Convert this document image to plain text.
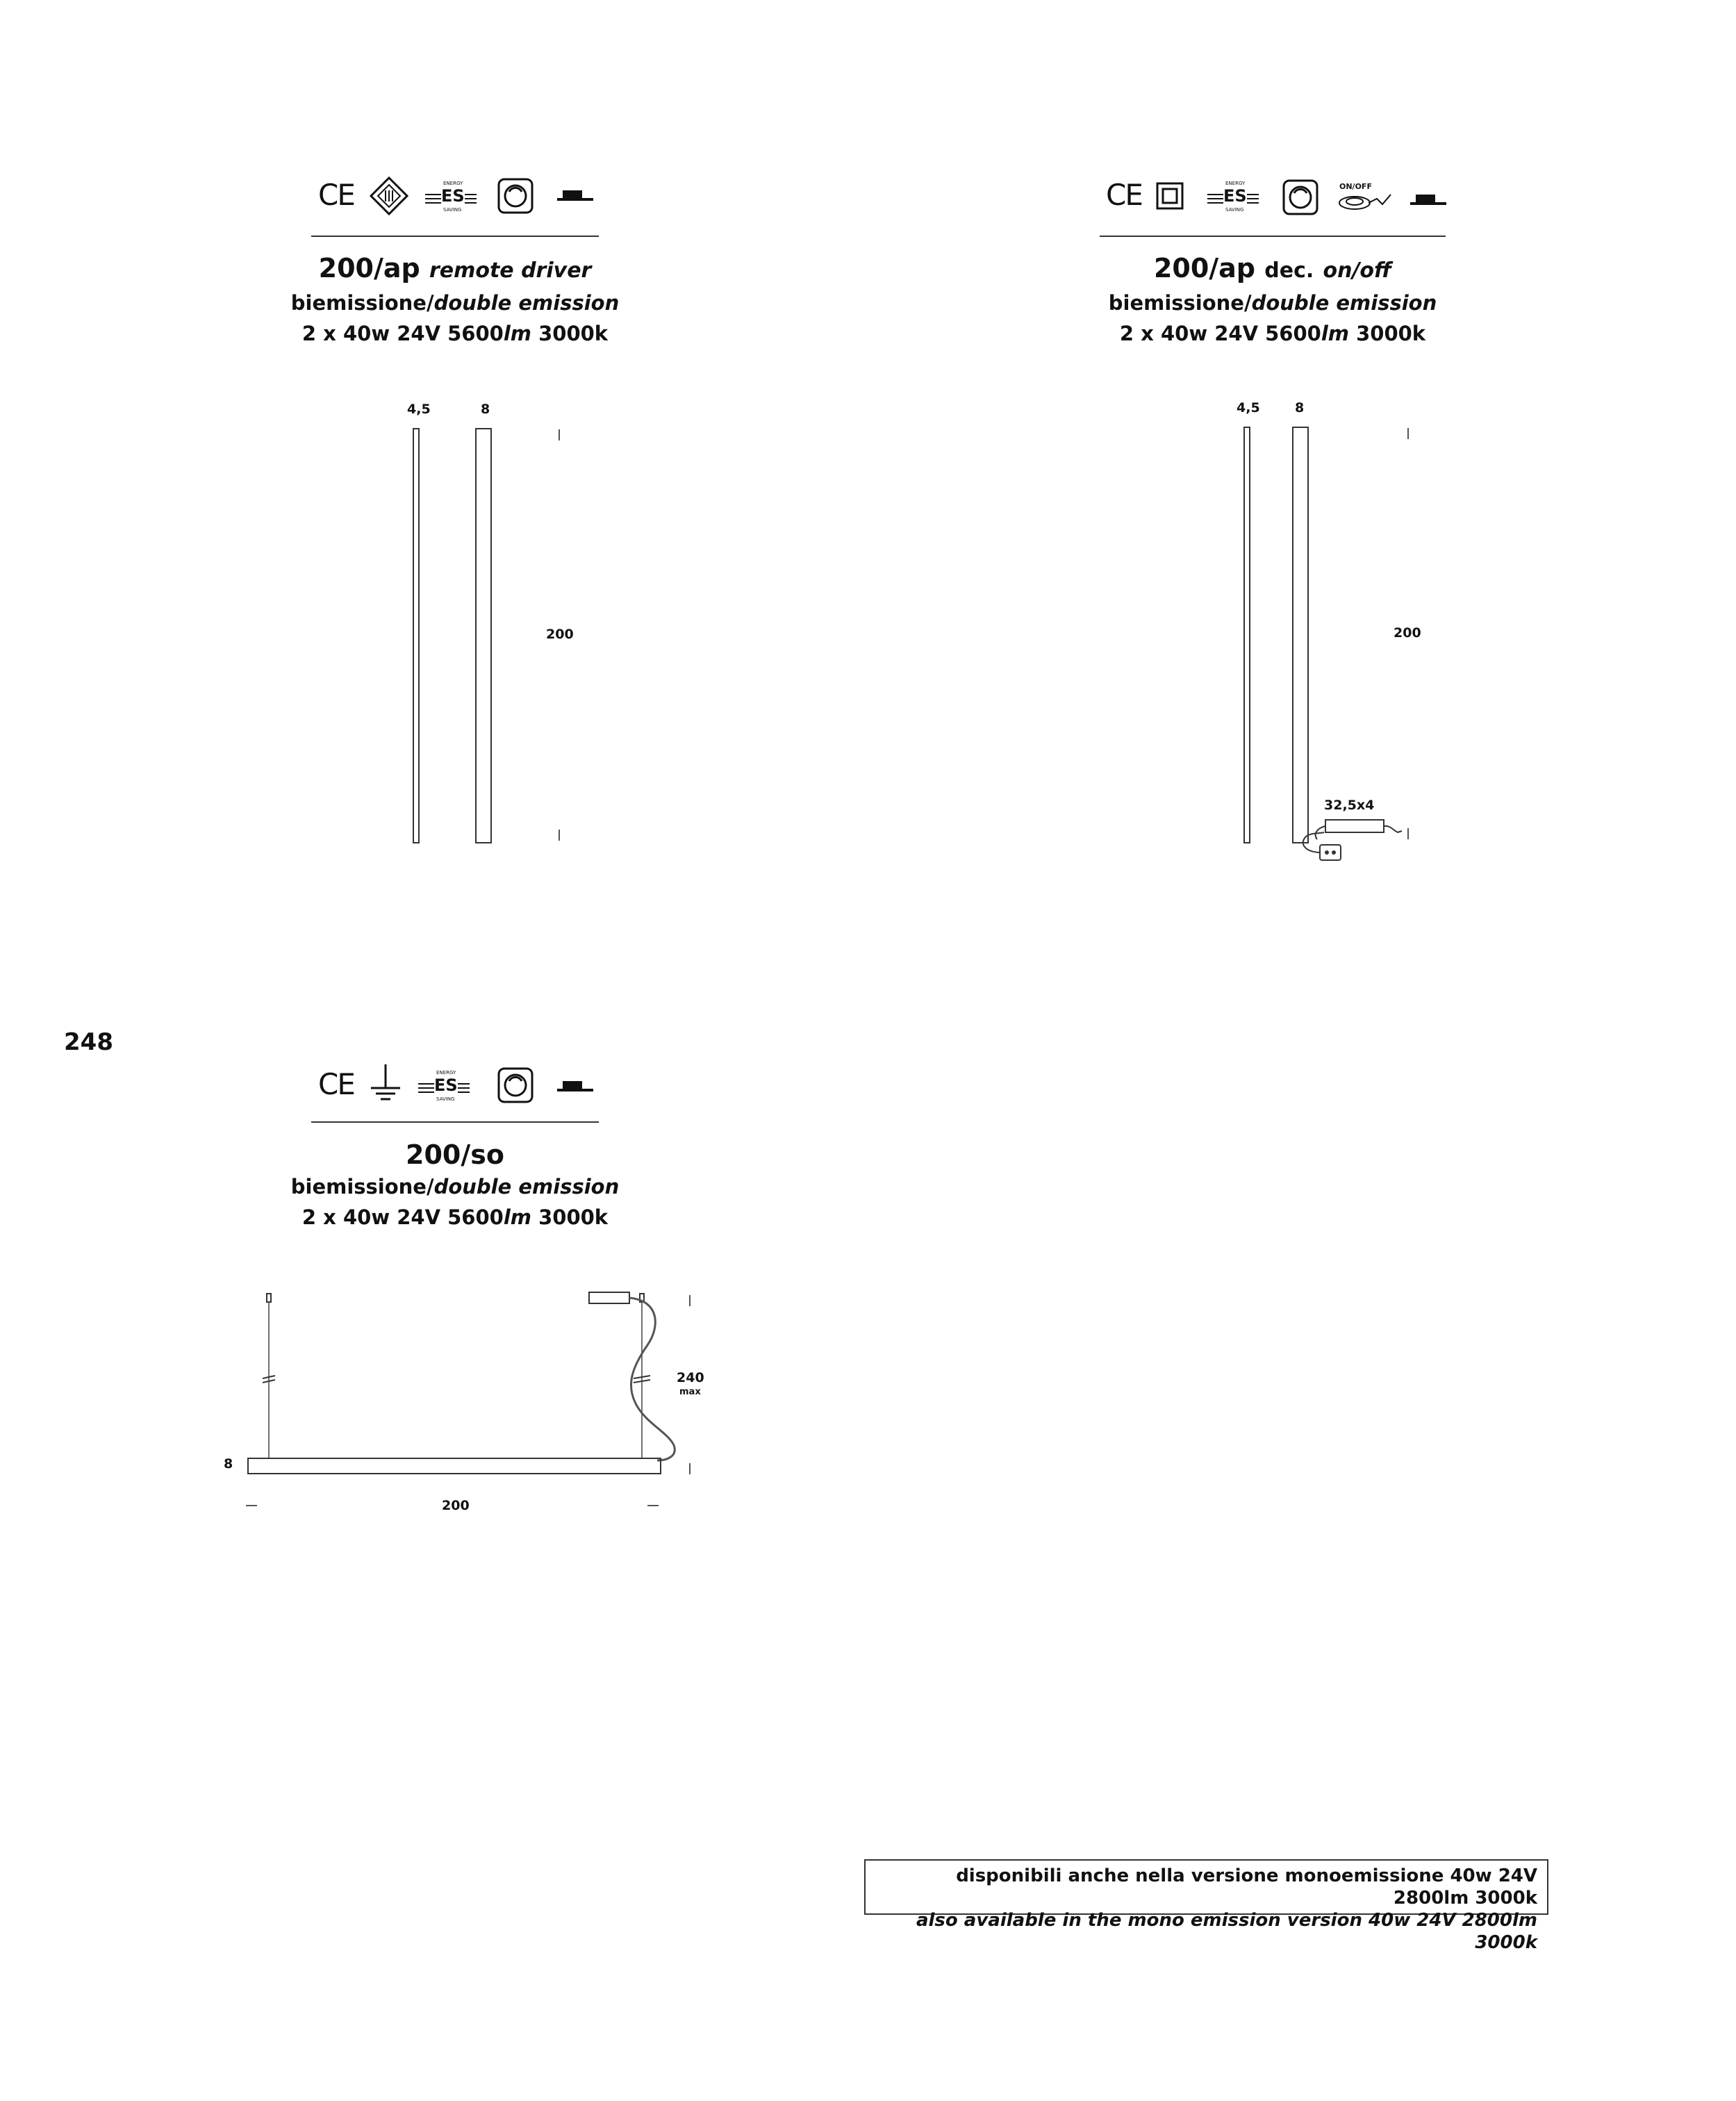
248
CE	ENERGY
ES
SAVING
200/ap remote driver
biemissione/double emission
2 x 40w 24V 5600lm 3000k
4,5	8
200
CE	ENERGY
ES
SAVING
ON/OFF
200/ap dec. on/off
biemissione/double emission
2 x 40w 24V 5600lm 3000k
4,5	8
200
32,5x4
CE	ENERGY
ES
SAVING
200/so
biemissione/double emission
2 x 40w 24V 5600lm 3000k
8
200
240
max
disponibili anche nella versione monoemissione 40w 24V 2800lm 3000k
also available in the mono emission version 40w 24V 2800lm 3000k
